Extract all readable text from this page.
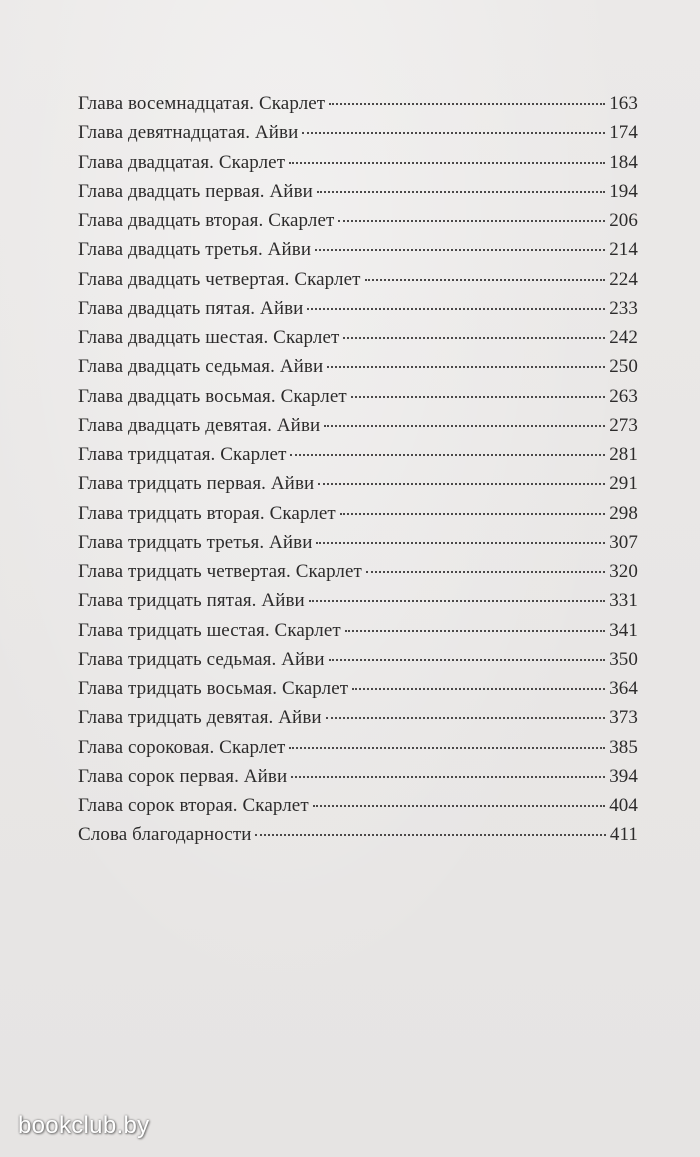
Глава восемнадцатая. Скарлет	163
Глава девятнадцатая. Айви	174
Глава двадцатая. Скарлет	184
Глава двадцать первая. Айви	194
Глава двадцать вторая. Скарлет	206
Глава двадцать третья. Айви	214
Глава двадцать четвертая. Скарлет	224
Глава двадцать пятая. Айви	233
Глава двадцать шестая. Скарлет	242
Глава двадцать седьмая. Айви	250
Глава двадцать восьмая. Скарлет	263
Глава двадцать девятая. Айви	273
Глава тридцатая. Скарлет	281
Глава тридцать первая. Айви	291
Глава тридцать вторая. Скарлет	298
Глава тридцать третья. Айви	307
Глава тридцать четвертая. Скарлет	320
Глава тридцать пятая. Айви	331
Глава тридцать шестая. Скарлет	341
Глава тридцать седьмая. Айви	350
Глава тридцать восьмая. Скарлет	364
Глава тридцать девятая. Айви	373
Глава сороковая. Скарлет	385
Глава сорок первая. Айви	394
Глава сорок вторая. Скарлет	404
Слова благодарности	411
bookclub.by
